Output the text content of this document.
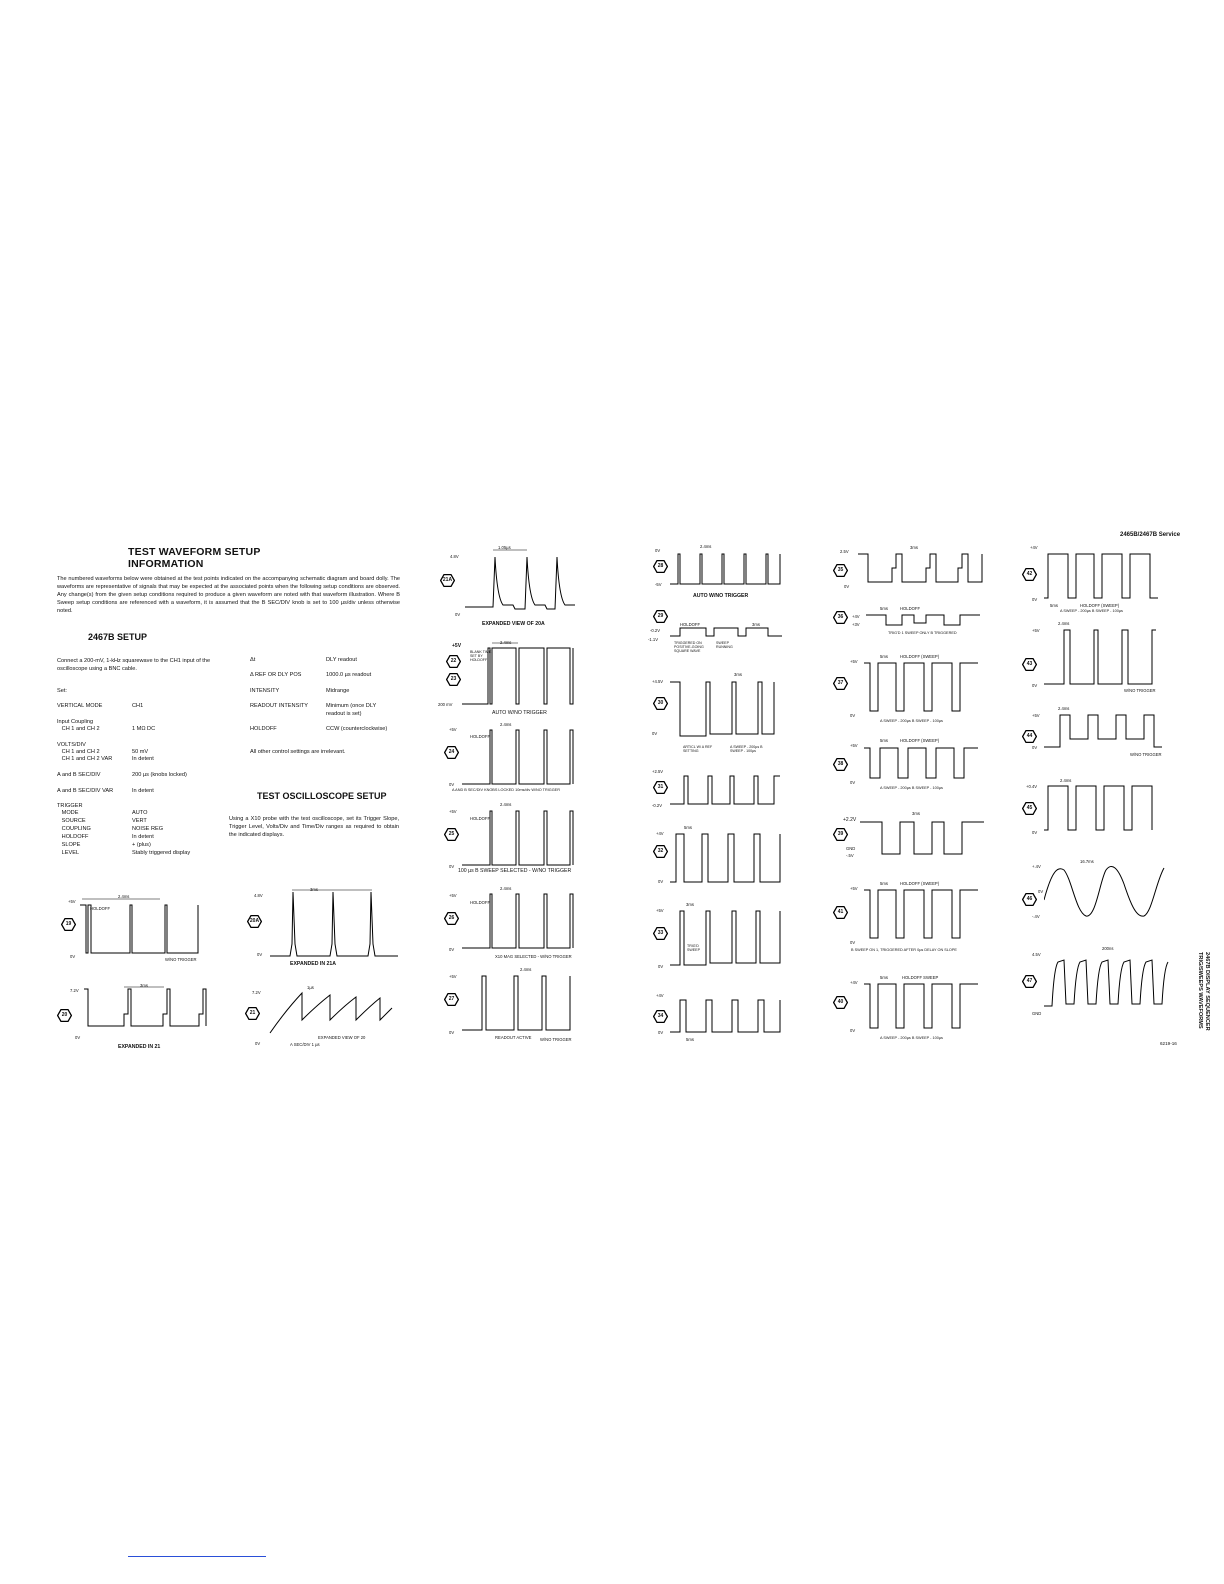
2465B/2467B Service
TEST WAVEFORM SETUP INFORMATION
The numbered waveforms below were obtained at the test points indicated on the accompanying schematic diagram and board dolly. The waveforms are representative of signals that may be expected at the associated points when the following setup conditions are observed. Any change(s) from the given setup conditions required to produce a given waveform are noted with that waveform illustration. Where B Sweep setup conditions are referenced with a waveform, it is assumed that the B SEC/DIV knob is set to 100 µs/div unless otherwise noted.
2467B SETUP
Connect a 200-mV, 1-kHz squarewave to the CH1 input of the oscilloscope using a BNC cable.
Set:
VERTICAL MODE	CH1
Input Coupling
CH 1 and CH 2	1 MΩ DC
VOLTS/DIV
CH 1 and CH 2	50 mV
CH 1 and CH 2 VAR	In detent
A and B SEC/DIV	200 µs (knobs locked)
A and B SEC/DIV VAR	In detent
TRIGGER
MODE	AUTO
SOURCE	VERT
COUPLING	NOISE REG
HOLDOFF	In detent
SLOPE	+ (plus)
LEVEL	Stably triggered display
Δt	DLY readout
Δ REF OR DLY POS	1000.0 µs readout
INTENSITY	Midrange
READOUT INTENSITY	Minimum (once DLY readout is set)
HOLDOFF	CCW (counterclockwise)
All other control settings are irrelevant.
TEST OSCILLOSCOPE SETUP
Using a X10 probe with the test oscilloscope, set its Trigger Slope, Trigger Level, Volts/Div and Time/Div ranges as required to obtain the indicated displays.
19
+5V
HOLDOFF
2.4ms
0V
W/NO TRIGGER
20
7.2V
0V
3ms
EXPANDED IN 21
20A
4.8V
0V
3ms
EXPANDED IN 21A
21
7.2V
0V
1µs
EXPANDED VIEW OF 20
A SEC/DIV 1 µs
21A
4.8V
0V
1.05µs
EXPANDED VIEW OF 20A
22
23
+5V
200 mV
BLANK TIME SET BY HOLDOFF
2.4ms
AUTO W/NO TRIGGER
24
+5V
0V
HOLDOFF
2.4ms
A AND B SEC/DIV KNOBS LOCKED 10ms/div W/NO TRIGGER
25
+5V
0V
HOLDOFF
2.4ms
100 µs B SWEEP SELECTED - W/NO TRIGGER
26
+5V
0V
HOLDOFF
2.4ms
X10 MAG SELECTED - W/NO TRIGGER
27
+5V
0V
READOUT ACTIVE
2.4ms
W/NO TRIGGER
28
0V
-5V
2.4ms
AUTO W/NO TRIGGER
29
-0.2V
-1.1V
HOLDOFF	3ms
TRIGGERED ON POSITIVE-GOING SQUARE WAVE
SWEEP RUNNING
30
+4.5V
0V
3ms
ARTICL W/ A REF SETTING
A SWEEP - 200µs B SWEEP - 100µs
31
+2.5V
-0.2V
32
+4V
0V
5ms
33
+5V
0V
3ms
TRIG'D SWEEP
34
+4V
0V
5ms
35
2.5V
0V
3ms
36	+4V
+3V
5ms	HOLDOFF
TRIG'D 1 SWEEP ONLY B TRIGGERED
37
+5V
0V
5ms	HOLDOFF (SWEEP)
A SWEEP - 200µs B SWEEP - 100µs
38
+5V
0V
5ms	HOLDOFF (SWEEP)
A SWEEP - 200µs B SWEEP - 100µs
39
+2.2V
GND
-.5V
3ms
41
+5V
0V
5ms	HOLDOFF (SWEEP)
B SWEEP ON 1, TRIGGERED AFTER 0µs DELAY ON SLOPE
40
+4V
0V
5ms	HOLDOFF SWEEP
A SWEEP - 200µs B SWEEP - 100µs
42
+4V
0V
5ms	HOLDOFF (SWEEP)
A SWEEP - 200µs B SWEEP - 100µs
43
+5V
0V
2.4ms
W/NO TRIGGER
44
+5V
0V
2.4ms
W/NO TRIGGER
45
+0.4V
0V
2.4ms
46
+.4V
0V
-.4V
16.7ms
47
4.5V
GND
200ns
2467B DISPLAY SEQUENCER
TRIG/SWEEPS WAVEFORMS
6219-16
